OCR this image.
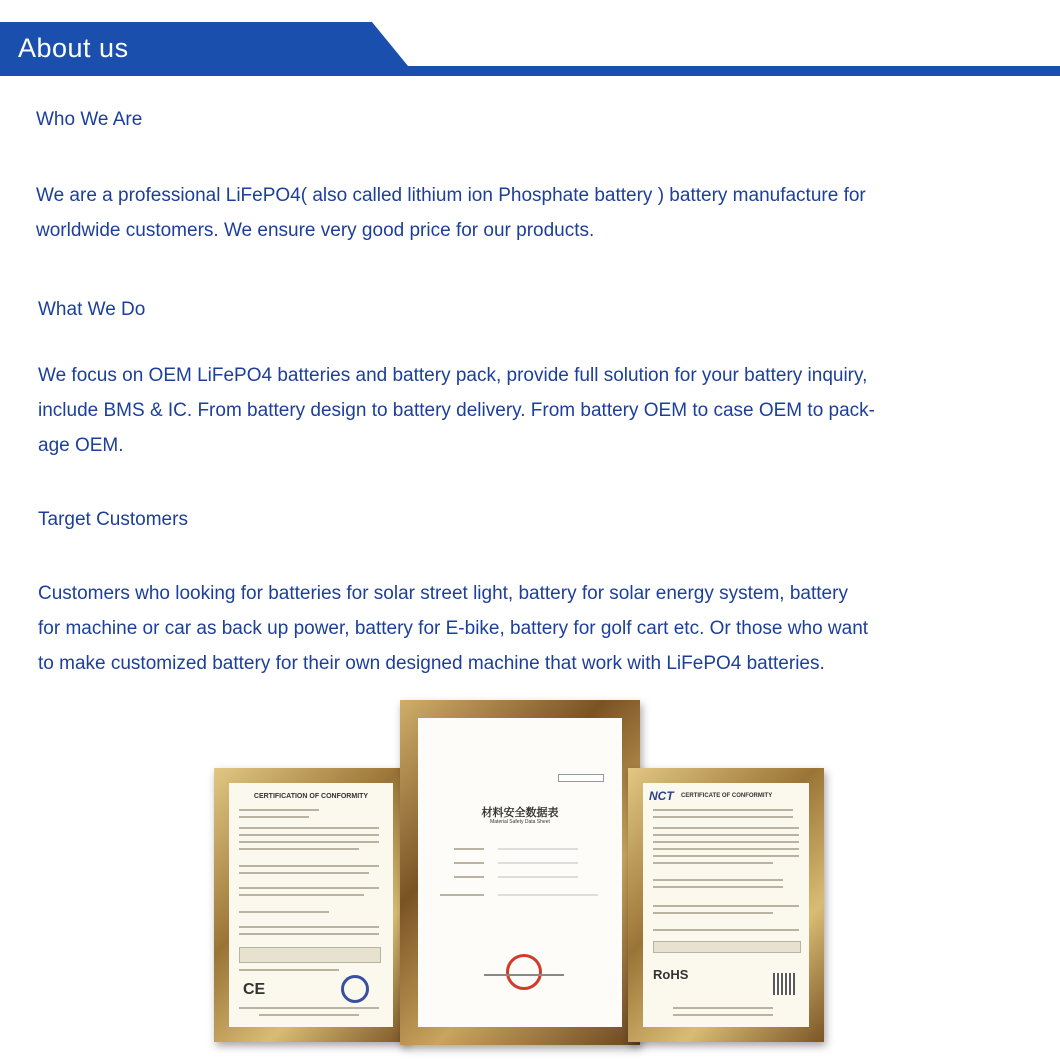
About us
Who We Are
We are a professional LiFePO4( also called lithium ion Phosphate battery ) battery manufacture for
worldwide customers. We ensure very good price for our products.
What We Do
We focus on OEM LiFePO4 batteries and battery pack, provide full solution for your battery inquiry,
include BMS & IC. From battery design to battery delivery. From battery OEM to case OEM to pack-
age OEM.
Target Customers
Customers who looking for batteries for solar street light, battery for solar energy system, battery
for machine or car as back up power, battery for E-bike, battery for golf cart etc. Or those who want
to make customized battery for their own designed machine that work with LiFePO4 batteries.
CERTIFICATION OF CONFORMITY
CE
材料安全数据表
Material Safety Data Sheet
NCT CERTIFICATE OF CONFORMITY
RoHS
